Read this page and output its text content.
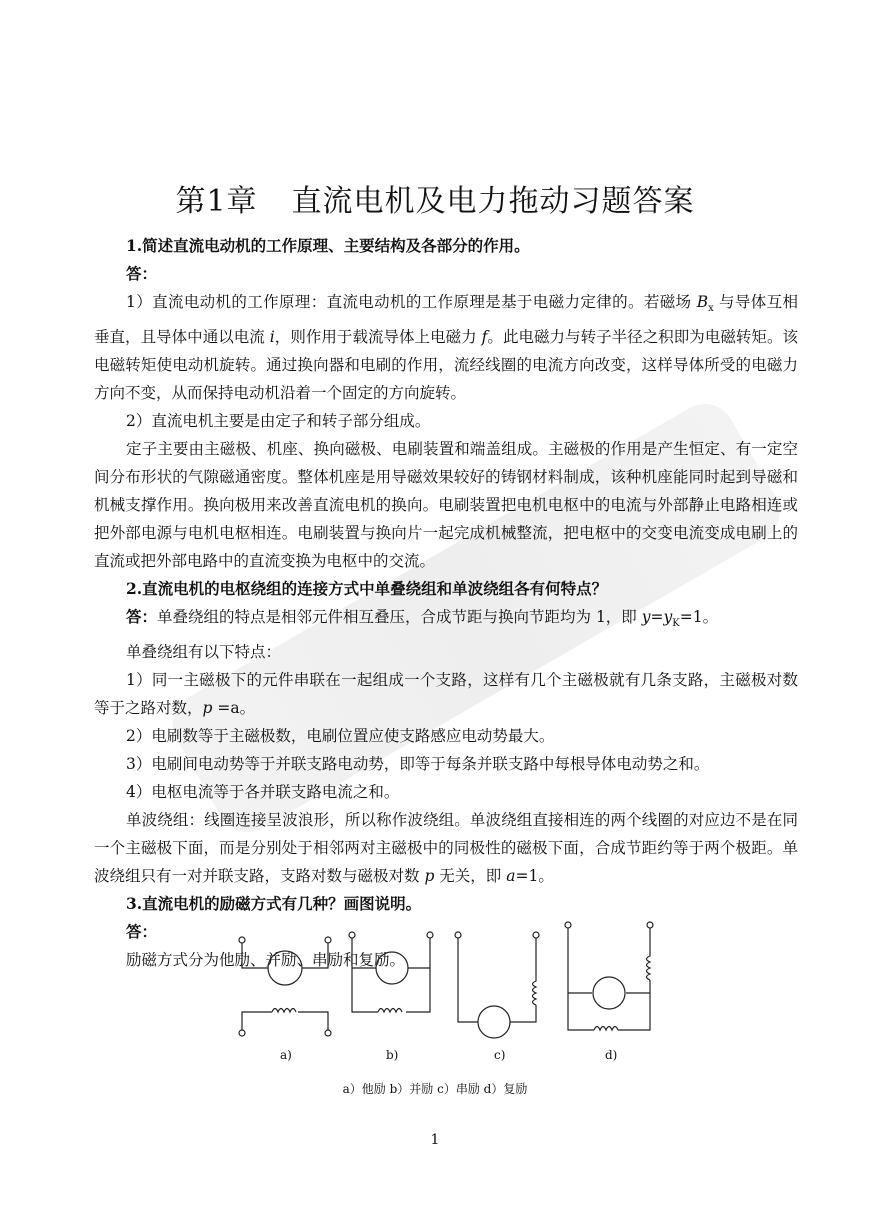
第1章 直流电机及电力拖动习题答案

1.简述直流电动机的工作原理、主要结构及各部分的作用。

答：

1）直流电动机的工作原理：直流电动机的工作原理是基于电磁力定律的。若磁场 $B_x$ 与导体互相垂直，且导体中通以电流 i，则作用于载流导体上电磁力 f。此电磁力与转子半径之积即为电磁转矩。该电磁转矩使电动机旋转。通过换向器和电刷的作用，流经线圈的电流方向改变，这样导体所受的电磁力方向不变，从而保持电动机沿着一个固定的方向旋转。

2）直流电机主要是由定子和转子部分组成。

定子主要由主磁极、机座、换向磁极、电刷装置和端盖组成。主磁极的作用是产生恒定、有一定空间分布形状的气隙磁通密度。整体机座是用导磁效果较好的铸钢材料制成，该种机座能同时起到导磁和机械支撑作用。换向极用来改善直流电机的换向。电刷装置把电机电枢中的电流与外部静止电路相连或把外部电源与电机电枢相连。电刷装置与换向片一起完成机械整流，把电枢中的交变电流变成电刷上的直流或把外部电路中的直流变换为电枢中的交流。

2.直流电机的电枢绕组的连接方式中单叠绕组和单波绕组各有何特点？

答：单叠绕组的特点是相邻元件相互叠压，合成节距与换向节距均为 1，即 $y=y_K=1$。

单叠绕组有以下特点：

1）同一主磁极下的元件串联在一起组成一个支路，这样有几个主磁极就有几条支路，主磁极对数等于之路对数，p =a。

2）电刷数等于主磁极数，电刷位置应使支路感应电动势最大。

3）电刷间电动势等于并联支路电动势，即等于每条并联支路中每根导体电动势之和。

4）电枢电流等于各并联支路电流之和。

单波绕组：线圈连接呈波浪形，所以称作波绕组。单波绕组直接相连的两个线圈的对应边不是在同一个主磁极下面，而是分别处于相邻两对主磁极中的同极性的磁极下面，合成节距约等于两个极距。单波绕组只有一对并联支路，支路对数与磁极对数 p 无关，即 a=1。

3.直流电机的励磁方式有几种？画图说明。

答：

励磁方式分为他励、并励、串励和复励。

a)	b)	c)	d)
a）他励 b）并励 c）串励 d）复励
1
